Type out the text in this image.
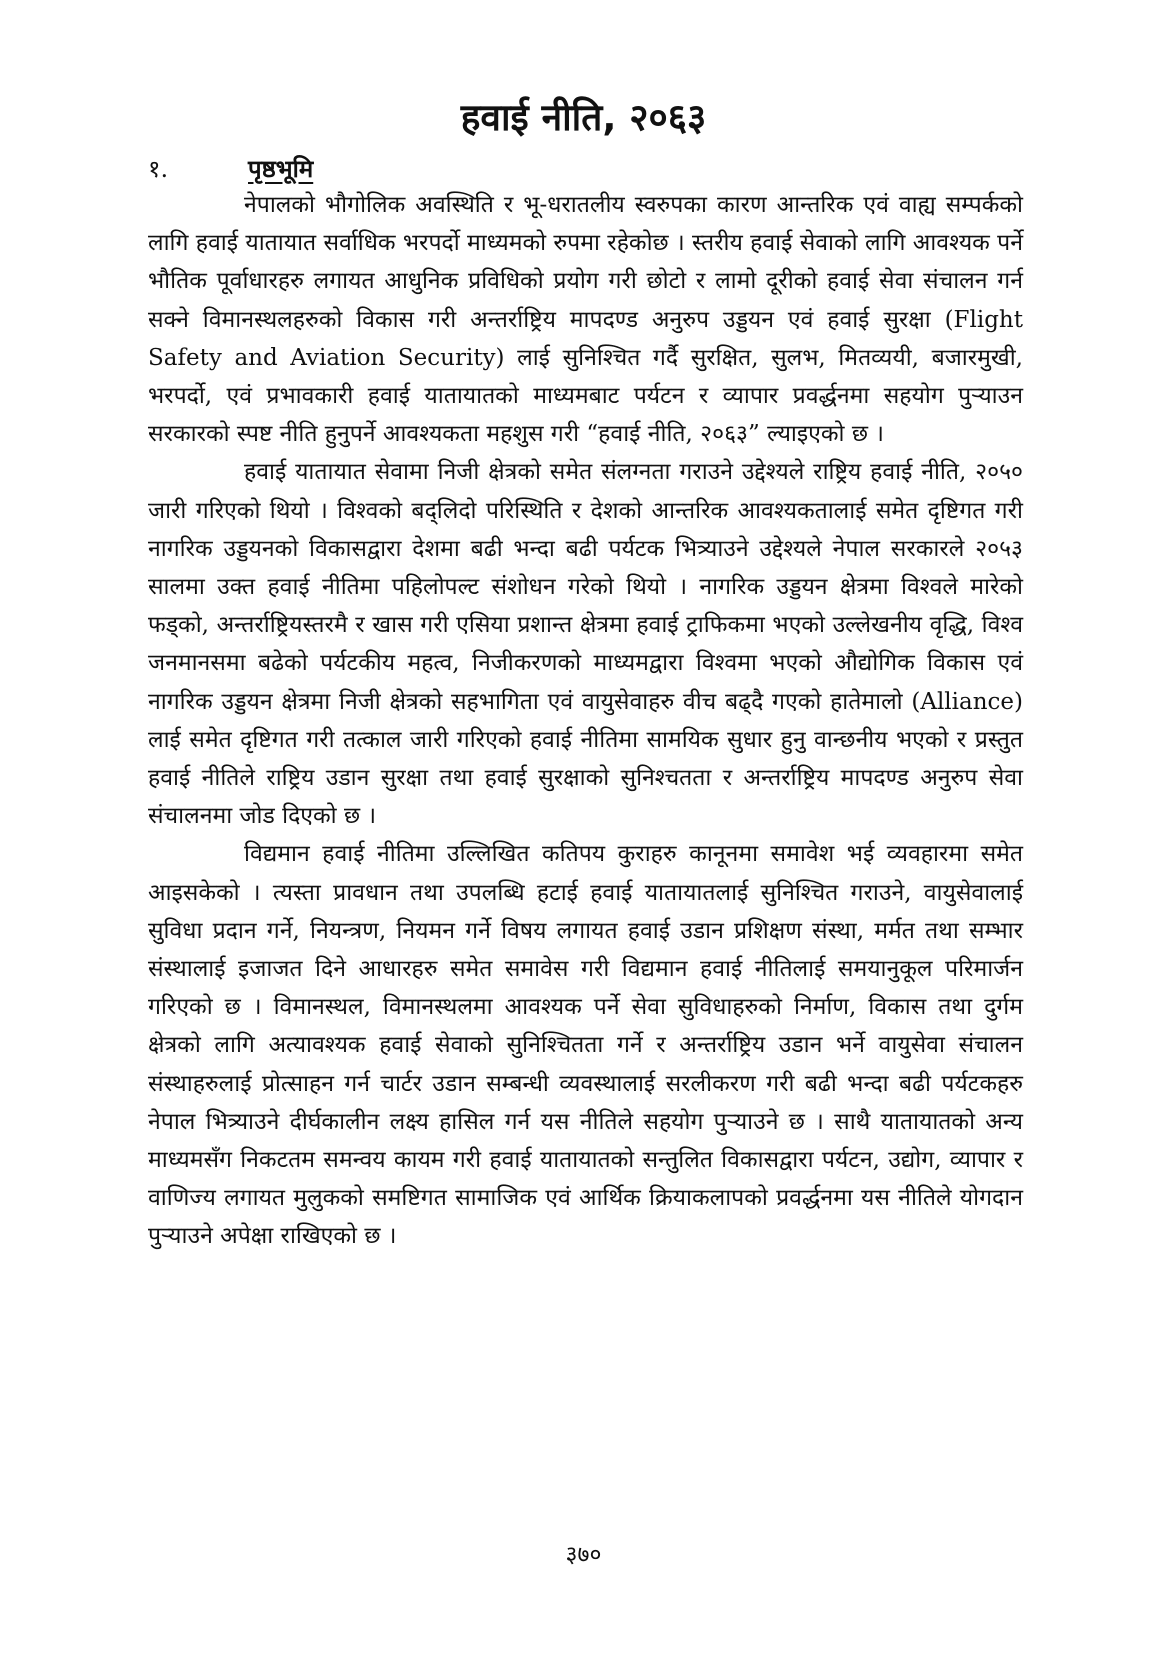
हवाई नीति, २०६३
१.	पृष्ठभूमि

नेपालको भौगोलिक अवस्थिति र भू-धरातलीय स्वरुपका कारण आन्तरिक एवं वाह्य सम्पर्कको लागि हवाई यातायात सर्वाधिक भरपर्दो माध्यमको रुपमा रहेकोछ । स्तरीय हवाई सेवाको लागि आवश्यक पर्ने भौतिक पूर्वाधारहरु लगायत आधुनिक प्रविधिको प्रयोग गरी छोटो र लामो दूरीको हवाई सेवा संचालन गर्न सक्ने विमानस्थलहरुको विकास गरी अन्तर्राष्ट्रिय मापदण्ड अनुरुप उड्डयन एवं हवाई सुरक्षा (Flight Safety and Aviation Security) लाई सुनिश्चित गर्दै सुरक्षित, सुलभ, मितव्ययी, बजारमुखी, भरपर्दो, एवं प्रभावकारी हवाई यातायातको माध्यमबाट पर्यटन र व्यापार प्रवर्द्धनमा सहयोग पुऱ्याउन सरकारको स्पष्ट नीति हुनुपर्ने आवश्यकता महशुस गरी “हवाई नीति, २०६३” ल्याइएको छ ।

हवाई यातायात सेवामा निजी क्षेत्रको समेत संलग्नता गराउने उद्देश्यले राष्ट्रिय हवाई नीति, २०५० जारी गरिएको थियो । विश्वको बद्लिदो परिस्थिति र देशको आन्तरिक आवश्यकतालाई समेत दृष्टिगत गरी नागरिक उड्डयनको विकासद्वारा देशमा बढी भन्दा बढी पर्यटक भित्र्याउने उद्देश्यले नेपाल सरकारले २०५३ सालमा उक्त हवाई नीतिमा पहिलोपल्ट संशोधन गरेको थियो । नागरिक उड्डयन क्षेत्रमा विश्वले मारेको फड्को, अन्तर्राष्ट्रियस्तरमै र खास गरी एसिया प्रशान्त क्षेत्रमा हवाई ट्राफिकमा भएको उल्लेखनीय वृद्धि, विश्व जनमानसमा बढेको पर्यटकीय महत्व, निजीकरणको माध्यमद्वारा विश्वमा भएको औद्योगिक विकास एवं नागरिक उड्डयन क्षेत्रमा निजी क्षेत्रको सहभागिता एवं वायुसेवाहरु वीच बढ्दै गएको हातेमालो (Alliance) लाई समेत दृष्टिगत गरी तत्काल जारी गरिएको हवाई नीतिमा सामयिक सुधार हुनु वान्छनीय भएको र प्रस्तुत हवाई नीतिले राष्ट्रिय उडान सुरक्षा तथा हवाई सुरक्षाको सुनिश्चतता र अन्तर्राष्ट्रिय मापदण्ड अनुरुप सेवा संचालनमा जोड दिएको छ ।

विद्यमान हवाई नीतिमा उल्लिखित कतिपय कुराहरु कानूनमा समावेश भई व्यवहारमा समेत आइसकेको । त्यस्ता प्रावधान तथा उपलब्धि हटाई हवाई यातायातलाई सुनिश्चित गराउने, वायुसेवालाई सुविधा प्रदान गर्ने, नियन्त्रण, नियमन गर्ने विषय लगायत हवाई उडान प्रशिक्षण संस्था, मर्मत तथा सम्भार संस्थालाई इजाजत दिने आधारहरु समेत समावेस गरी विद्यमान हवाई नीतिलाई समयानुकूल परिमार्जन गरिएको छ । विमानस्थल, विमानस्थलमा आवश्यक पर्ने सेवा सुविधाहरुको निर्माण, विकास तथा दुर्गम क्षेत्रको लागि अत्यावश्यक हवाई सेवाको सुनिश्चितता गर्ने र अन्तर्राष्ट्रिय उडान भर्ने वायुसेवा संचालन संस्थाहरुलाई प्रोत्साहन गर्न चार्टर उडान सम्बन्धी व्यवस्थालाई सरलीकरण गरी बढी भन्दा बढी पर्यटकहरु नेपाल भित्र्याउने दीर्घकालीन लक्ष्य हासिल गर्न यस नीतिले सहयोग पुऱ्याउने छ । साथै यातायातको अन्य माध्यमसँग निकटतम समन्वय कायम गरी हवाई यातायातको सन्तुलित विकासद्वारा पर्यटन, उद्योग, व्यापार र वाणिज्य लगायत मुलुकको समष्टिगत सामाजिक एवं आर्थिक क्रियाकलापको प्रवर्द्धनमा यस नीतिले योगदान पुऱ्याउने अपेक्षा राखिएको छ ।

३७०
